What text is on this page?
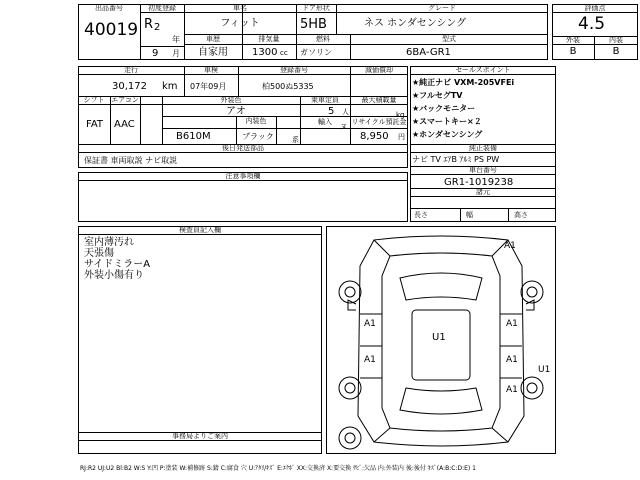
出品番号
40019
初度登録
R 2
年
9 月
車名
フィット
ドア形状
5HB
グレード
ネス ホンダセンシング
車歴
自家用
排気量
1300 cc
燃料
ガソリン
型式
6BA-GR1
評価点
4.5
外装	内装
B	B
走行
30,172 km
車検
07年09月
登録番号
柏500ぬ5335
減価償却
シフト
FAT
エアコン
AAC
外装色
アオ
B610M
内装色
ブラック	系
乗車定員
5 人
最大積載量
kg
輸入	リサイクル預託金
8,950 円
ヌ
後日発送部品
保証書 車両取説 ナビ取説
セールスポイント
★純正ナビ VXM-205VFEi
★フルセグTV
★バックモニター
★スマートキー×２
★ホンダセンシング
純正装備
ナビ TV ｴｱB ｱﾙﾐ PS PW
車台番号
GR1-1019238
諸元
長さ	幅	高さ
注意事項欄
検査員記入欄
室内薄汚れ
天張傷
サイドミラーA
外装小傷有り
事務局よりご案内
A1
A1	A1
A1
U1
A1
A1
U1
RJ:R2 UJ:U2 Bl:B2 W:S Y:凹 P:塗装 W:補修跡 S:錆 C:腐食 穴 U:ｱﾀﾘ/ｷｽﾞ E:ｴｸﾎﾞ XX:交換済 X:要交換 ｻﾋﾞ:欠品 内:外装内 後:後付 ｷｽﾞ(A:B:C:D:E) 1
